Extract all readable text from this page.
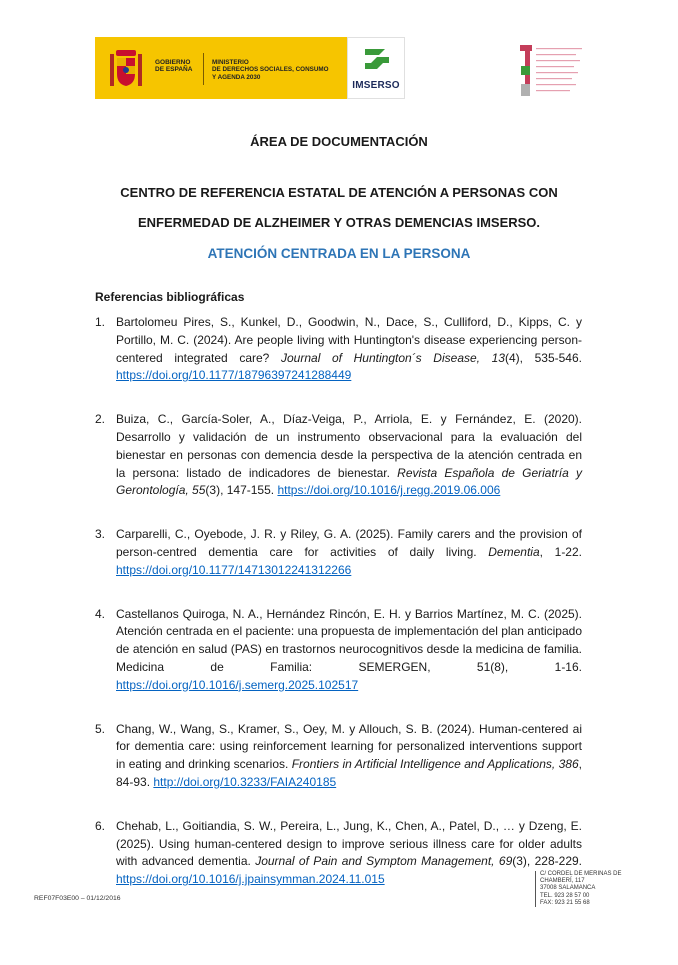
GOBIERNO
DE ESPAÑA
MINISTERIO
DE DERECHOS SOCIALES, CONSUMO
Y AGENDA 2030
IMSERSO
ÁREA DE DOCUMENTACIÓN
CENTRO DE REFERENCIA ESTATAL DE ATENCIÓN A PERSONAS CON
ENFERMEDAD DE ALZHEIMER Y OTRAS DEMENCIAS IMSERSO.
ATENCIÓN CENTRADA EN LA PERSONA
Referencias bibliográficas
1. Bartolomeu Pires, S., Kunkel, D., Goodwin, N., Dace, S., Culliford, D., Kipps, C. y Portillo, M. C. (2024). Are people living with Huntington's disease experiencing person-centered integrated care? Journal of Huntington´s Disease, 13(4), 535-546. https://doi.org/10.1177/18796397241288449
2. Buiza, C., García-Soler, A., Díaz-Veiga, P., Arriola, E. y Fernández, E. (2020). Desarrollo y validación de un instrumento observacional para la evaluación del bienestar en personas con demencia desde la perspectiva de la atención centrada en la persona: listado de indicadores de bienestar. Revista Española de Geriatría y Gerontología, 55(3), 147-155. https://doi.org/10.1016/j.regg.2019.06.006
3. Carparelli, C., Oyebode, J. R. y Riley, G. A. (2025). Family carers and the provision of person-centred dementia care for activities of daily living. Dementia, 1-22. https://doi.org/10.1177/14713012241312266
4. Castellanos Quiroga, N. A., Hernández Rincón, E. H. y Barrios Martínez, M. C. (2025). Atención centrada en el paciente: una propuesta de implementación del plan anticipado de atención en salud (PAS) en trastornos neurocognitivos desde la medicina de familia. Medicina de Familia: SEMERGEN, 51(8), 1-16. https://doi.org/10.1016/j.semerg.2025.102517
5. Chang, W., Wang, S., Kramer, S., Oey, M. y Allouch, S. B. (2024). Human-centered ai for dementia care: using reinforcement learning for personalized interventions support in eating and drinking scenarios. Frontiers in Artificial Intelligence and Applications, 386, 84-93. http://doi.org/10.3233/FAIA240185
6. Chehab, L., Goitiandia, S. W., Pereira, L., Jung, K., Chen, A., Patel, D., … y Dzeng, E. (2025). Using human-centered design to improve serious illness care for older adults with advanced dementia. Journal of Pain and Symptom Management, 69(3), 228-229. https://doi.org/10.1016/j.jpainsymman.2024.11.015
REF07F03E00 – 01/12/2016
C/ CORDEL DE MERINAS DE
CHAMBERÍ, 117
37008 SALAMANCA
TEL. 923 28 57 00
FAX: 923 21 55 68
